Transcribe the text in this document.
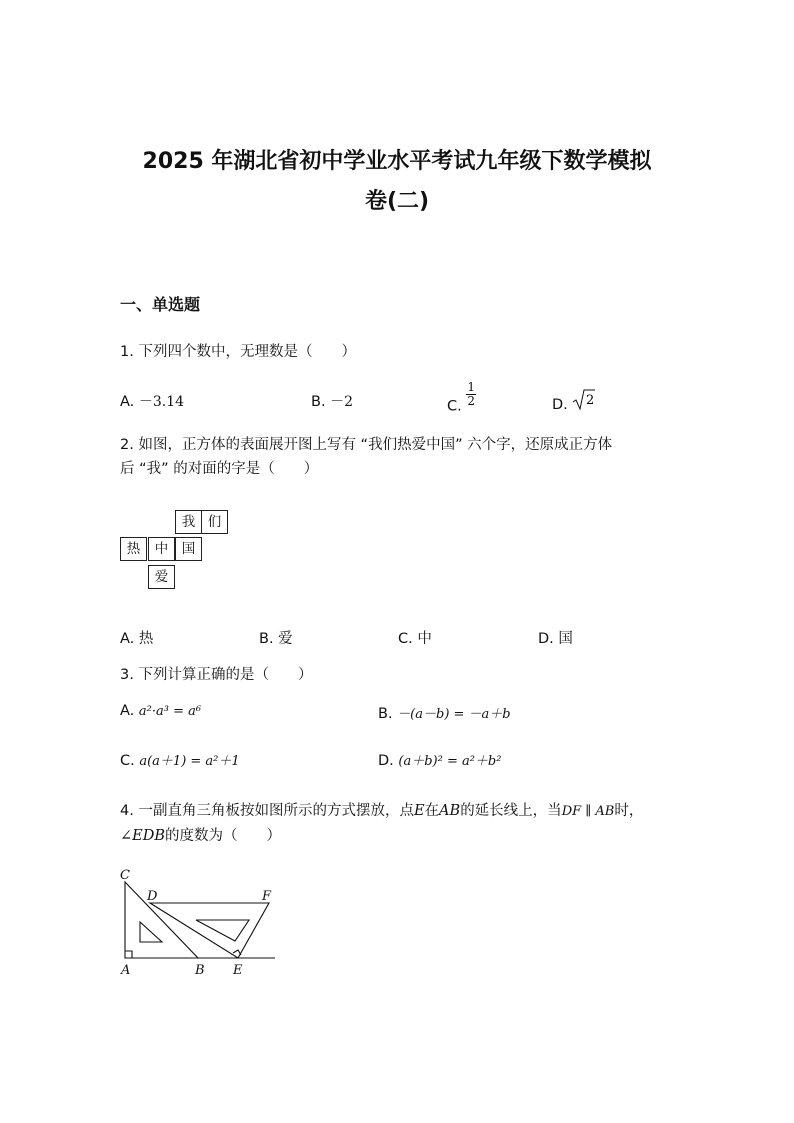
2025 年湖北省初中学业水平考试九年级下数学模拟
卷(二)
一、单选题
1. 下列四个数中，无理数是（　　）
A. －3.14	B. －2	C. $\frac{1}{2}$	D. 2
2. 如图，正方体的表面展开图上写有 “我们热爱中国” 六个字，还原成正方体
后 “我” 的对面的字是（　　）
我 们
热	中	国
爱
A. 热	B. 爱	C. 中	D. 国
3. 下列计算正确的是（　　）
A. a²·a³ = a⁶	B. －(a－b) = －a＋b
C. a(a＋1) = a²＋1	D. (a＋b)² = a²＋b²
4. 一副直角三角板按如图所示的方式摆放，点E在AB的延长线上，当DF ∥ AB时，
∠EDB的度数为（　　）
C
D	F
A	B E
